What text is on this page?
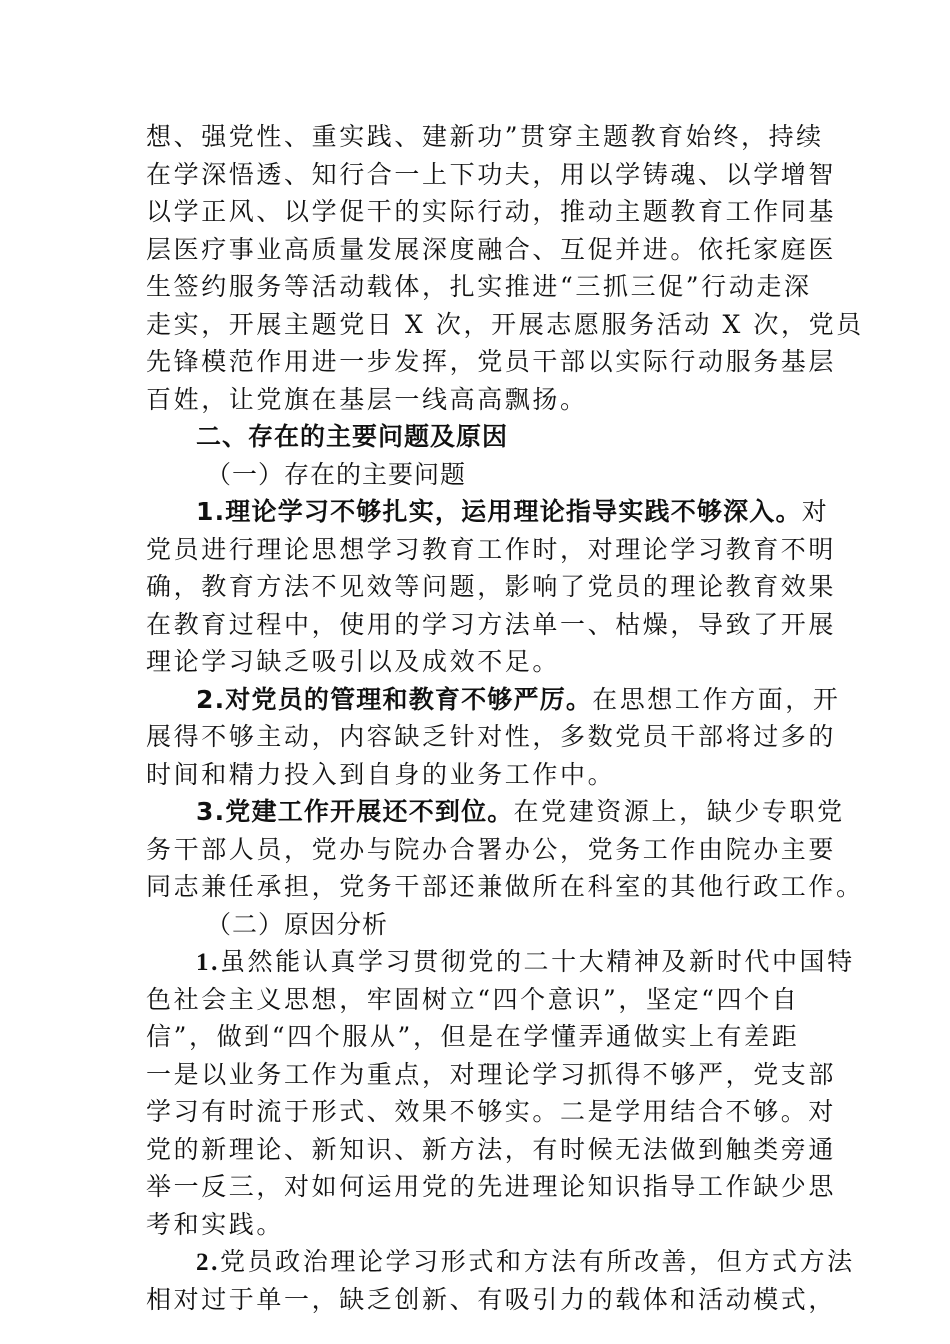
想、强党性、重实践、建新功”贯穿主题教育始终，持续
在学深悟透、知行合一上下功夫，用以学铸魂、以学增智
以学正风、以学促干的实际行动，推动主题教育工作同基
层医疗事业高质量发展深度融合、互促并进。依托家庭医
生签约服务等活动载体，扎实推进“三抓三促”行动走深
走实，开展主题党日 X 次，开展志愿服务活动 X 次，党员
先锋模范作用进一步发挥，党员干部以实际行动服务基层
百姓，让党旗在基层一线高高飘扬。
二、存在的主要问题及原因
（一）存在的主要问题
1.理论学习不够扎实，运用理论指导实践不够深入。对
党员进行理论思想学习教育工作时，对理论学习教育不明
确，教育方法不见效等问题，影响了党员的理论教育效果
在教育过程中，使用的学习方法单一、枯燥，导致了开展
理论学习缺乏吸引以及成效不足。
2.对党员的管理和教育不够严厉。在思想工作方面，开
展得不够主动，内容缺乏针对性，多数党员干部将过多的
时间和精力投入到自身的业务工作中。
3.党建工作开展还不到位。在党建资源上，缺少专职党
务干部人员，党办与院办合署办公，党务工作由院办主要
同志兼任承担，党务干部还兼做所在科室的其他行政工作。
（二）原因分析
1.虽然能认真学习贯彻党的二十大精神及新时代中国特
色社会主义思想，牢固树立“四个意识”，坚定“四个自
信”，做到“四个服从”，但是在学懂弄通做实上有差距
一是以业务工作为重点，对理论学习抓得不够严，党支部
学习有时流于形式、效果不够实。二是学用结合不够。对
党的新理论、新知识、新方法，有时候无法做到触类旁通
举一反三，对如何运用党的先进理论知识指导工作缺少思
考和实践。
2.党员政治理论学习形式和方法有所改善，但方式方法
相对过于单一，缺乏创新、有吸引力的载体和活动模式，
